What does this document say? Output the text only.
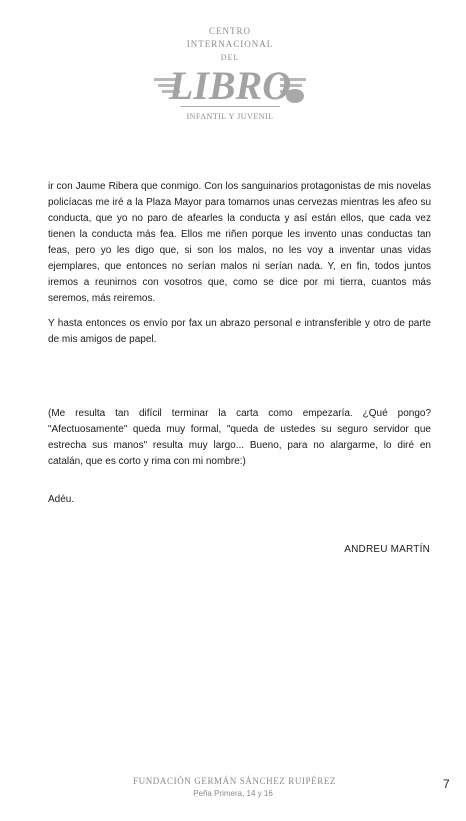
CENTRO
INTERNACIONAL
DEL
LIBRO
INFANTIL Y JUVENIL

ir con Jaume Ribera que conmigo. Con los sanguinarios protagonistas de mis novelas policíacas me iré a la Plaza Mayor para tomarnos unas cervezas mientras les afeo su conducta, que yo no paro de afearles la conducta y así están ellos, que cada vez tienen la conducta más fea. Ellos me riñen porque les invento unas conductas tan feas, pero yo les digo que, si son los malos, no les voy a inventar unas vidas ejemplares, que entonces no serían malos ni serían nada. Y, en fin, todos juntos iremos a reunirnos con vosotros que, como se dice por mi tierra, cuantos más seremos, más reiremos.

Y hasta entonces os envío por fax un abrazo personal e intransferible y otro de parte de mis amigos de papel.

(Me resulta tan difícil terminar la carta como empezaría. ¿Qué pongo? "Afectuosamente" queda muy formal, "queda de ustedes su seguro servidor que estrecha sus manos" resulta muy largo... Bueno, para no alargarme, lo diré en catalán, que es corto y rima con mi nombre:)

Adéu.

ANDREU MARTÍN
FUNDACIÓN GERMÁN SÁNCHEZ RUIPÉREZ
Peña Primera, 14 y 16
7
